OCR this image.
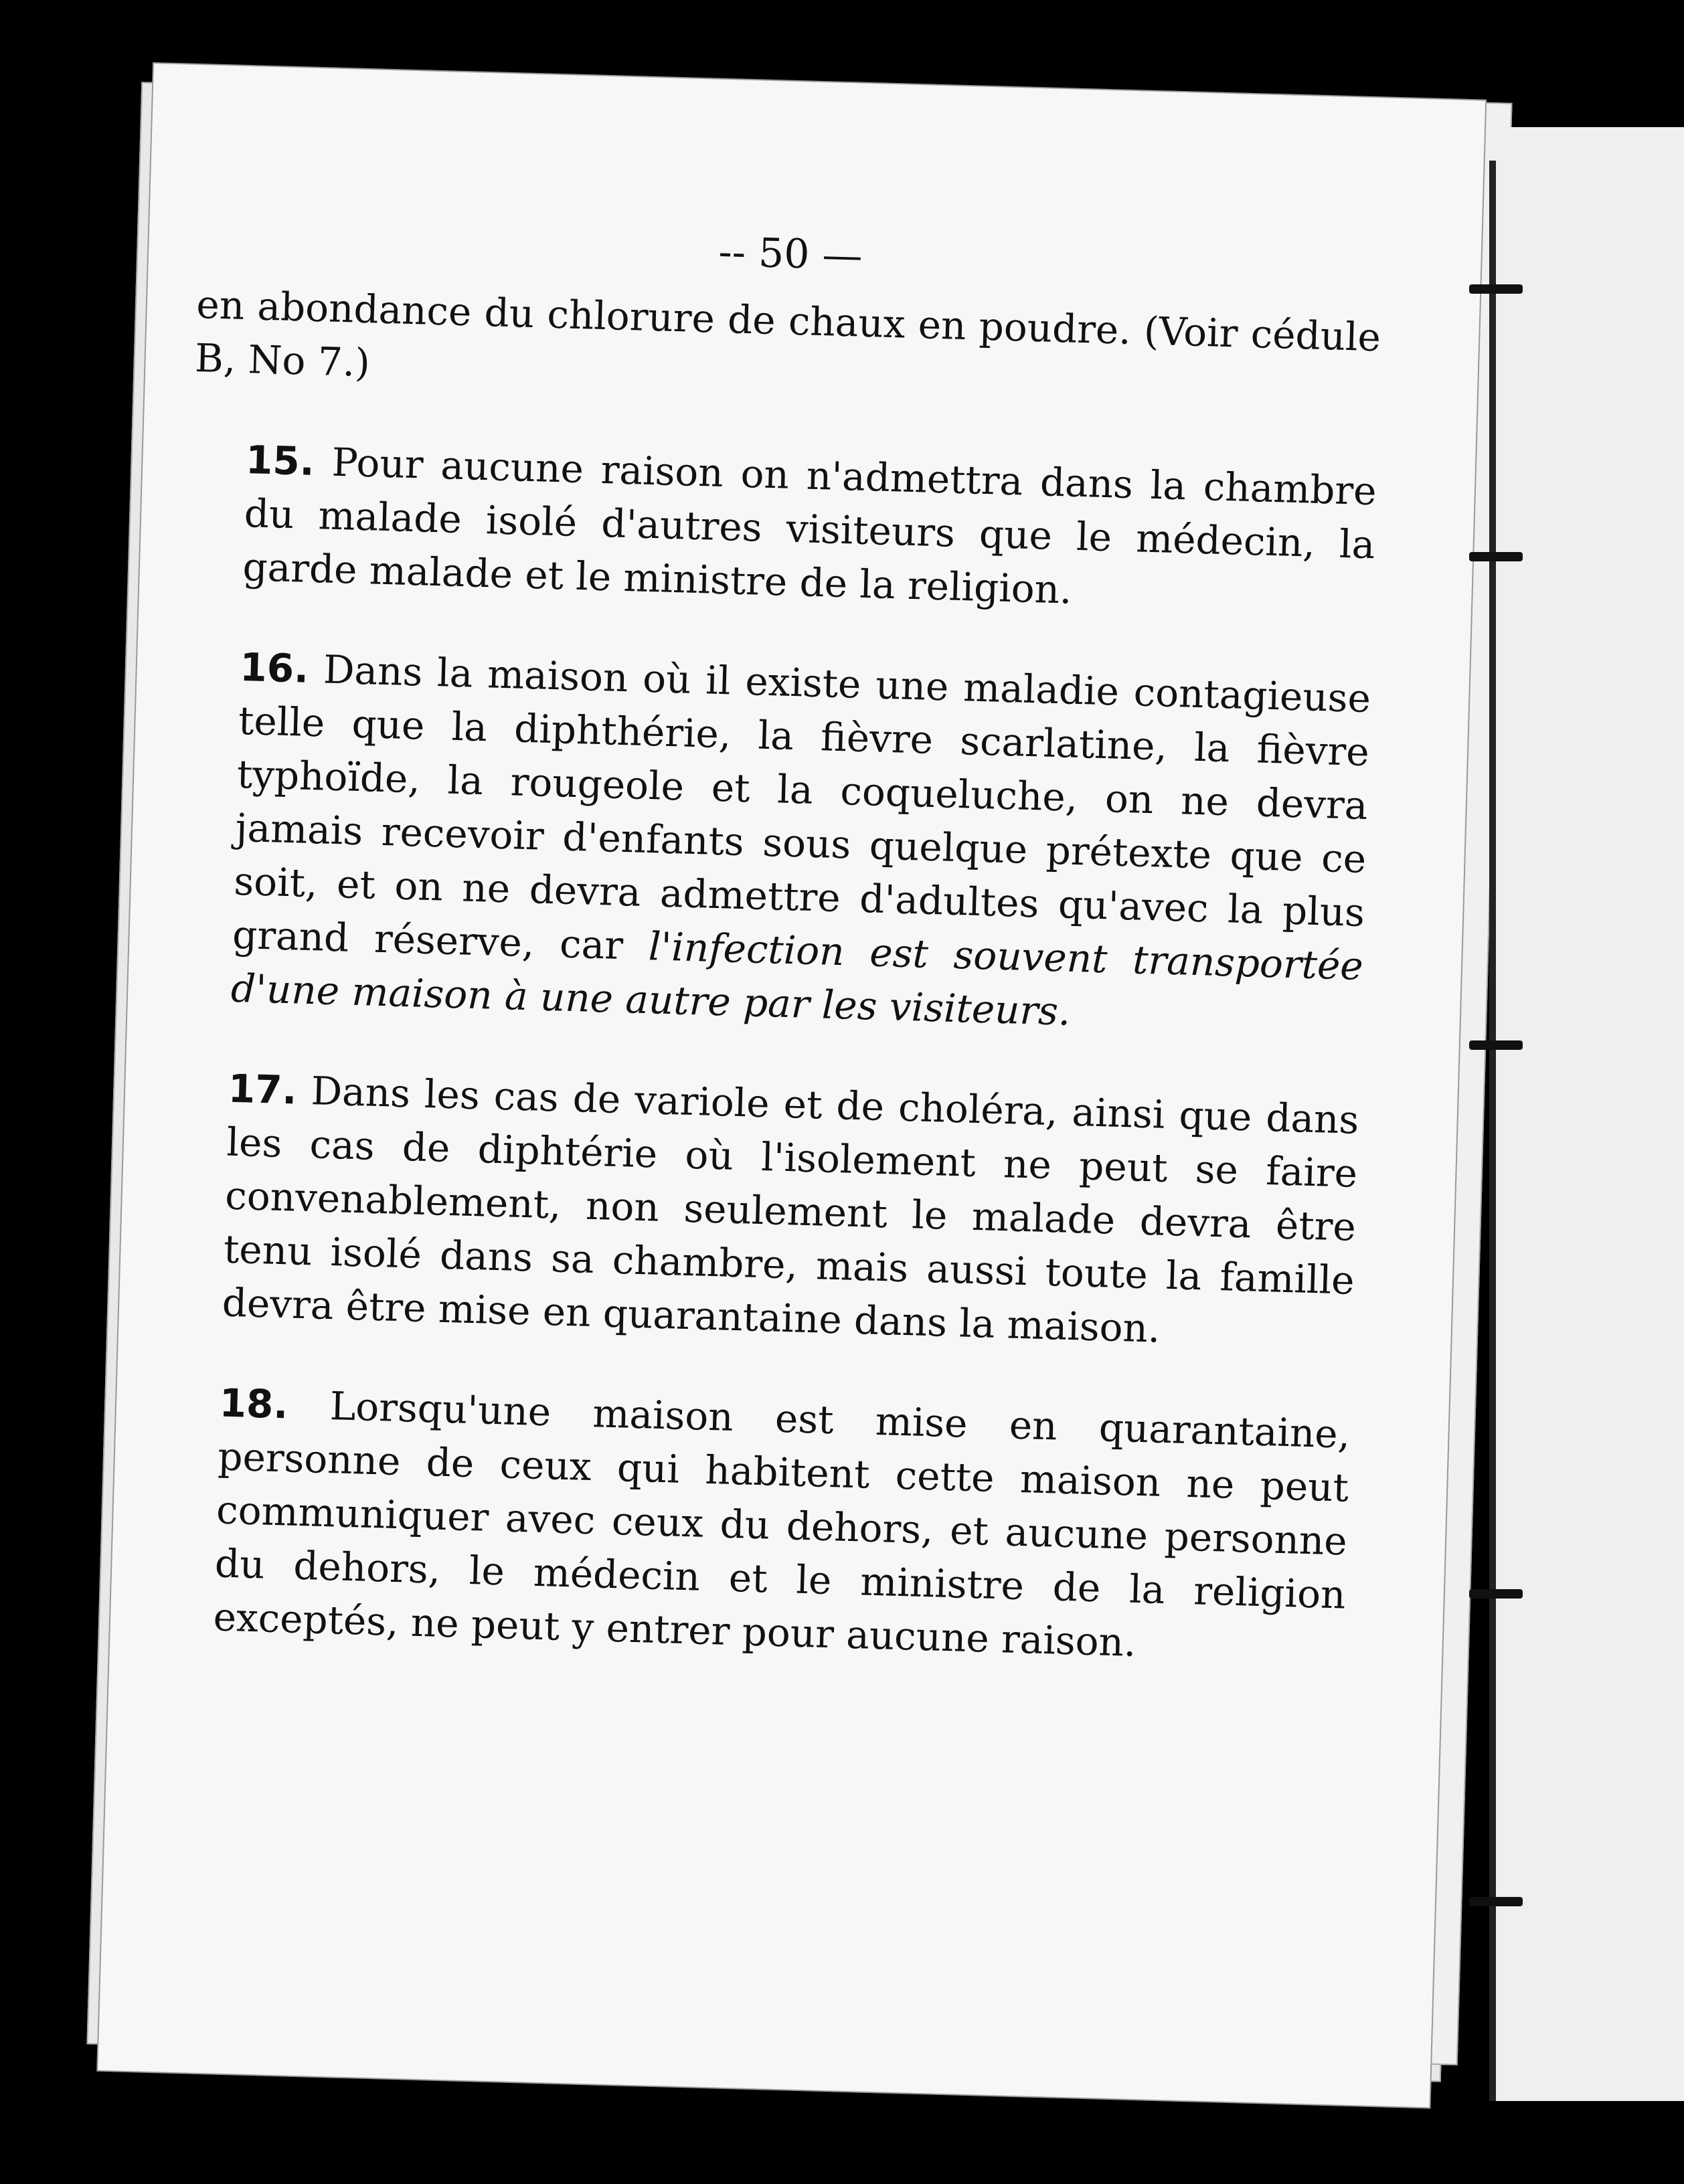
-- 50 —

en abondance du chlorure de chaux en poudre. (Voir cédule B, No 7.)

15. Pour aucune raison on n'admettra dans la chambre du malade isolé d'autres visiteurs que le médecin, la garde malade et le ministre de la religion.

16. Dans la maison où il existe une maladie contagieuse telle que la diphthérie, la fièvre scarlatine, la fièvre typhoïde, la rougeole et la coqueluche, on ne devra jamais recevoir d'enfants sous quelque prétexte que ce soit, et on ne devra admettre d'adultes qu'avec la plus grand réserve, car l'infection est souvent transportée d'une maison à une autre par les visiteurs.

17. Dans les cas de variole et de choléra, ainsi que dans les cas de diphtérie où l'isolement ne peut se faire convenablement, non seulement le malade devra être tenu isolé dans sa chambre, mais aussi toute la famille devra être mise en quarantaine dans la maison.

18. Lorsqu'une maison est mise en quarantaine, personne de ceux qui habitent cette maison ne peut communiquer avec ceux du dehors, et aucune personne du dehors, le médecin et le ministre de la religion exceptés, ne peut y entrer pour aucune raison.
